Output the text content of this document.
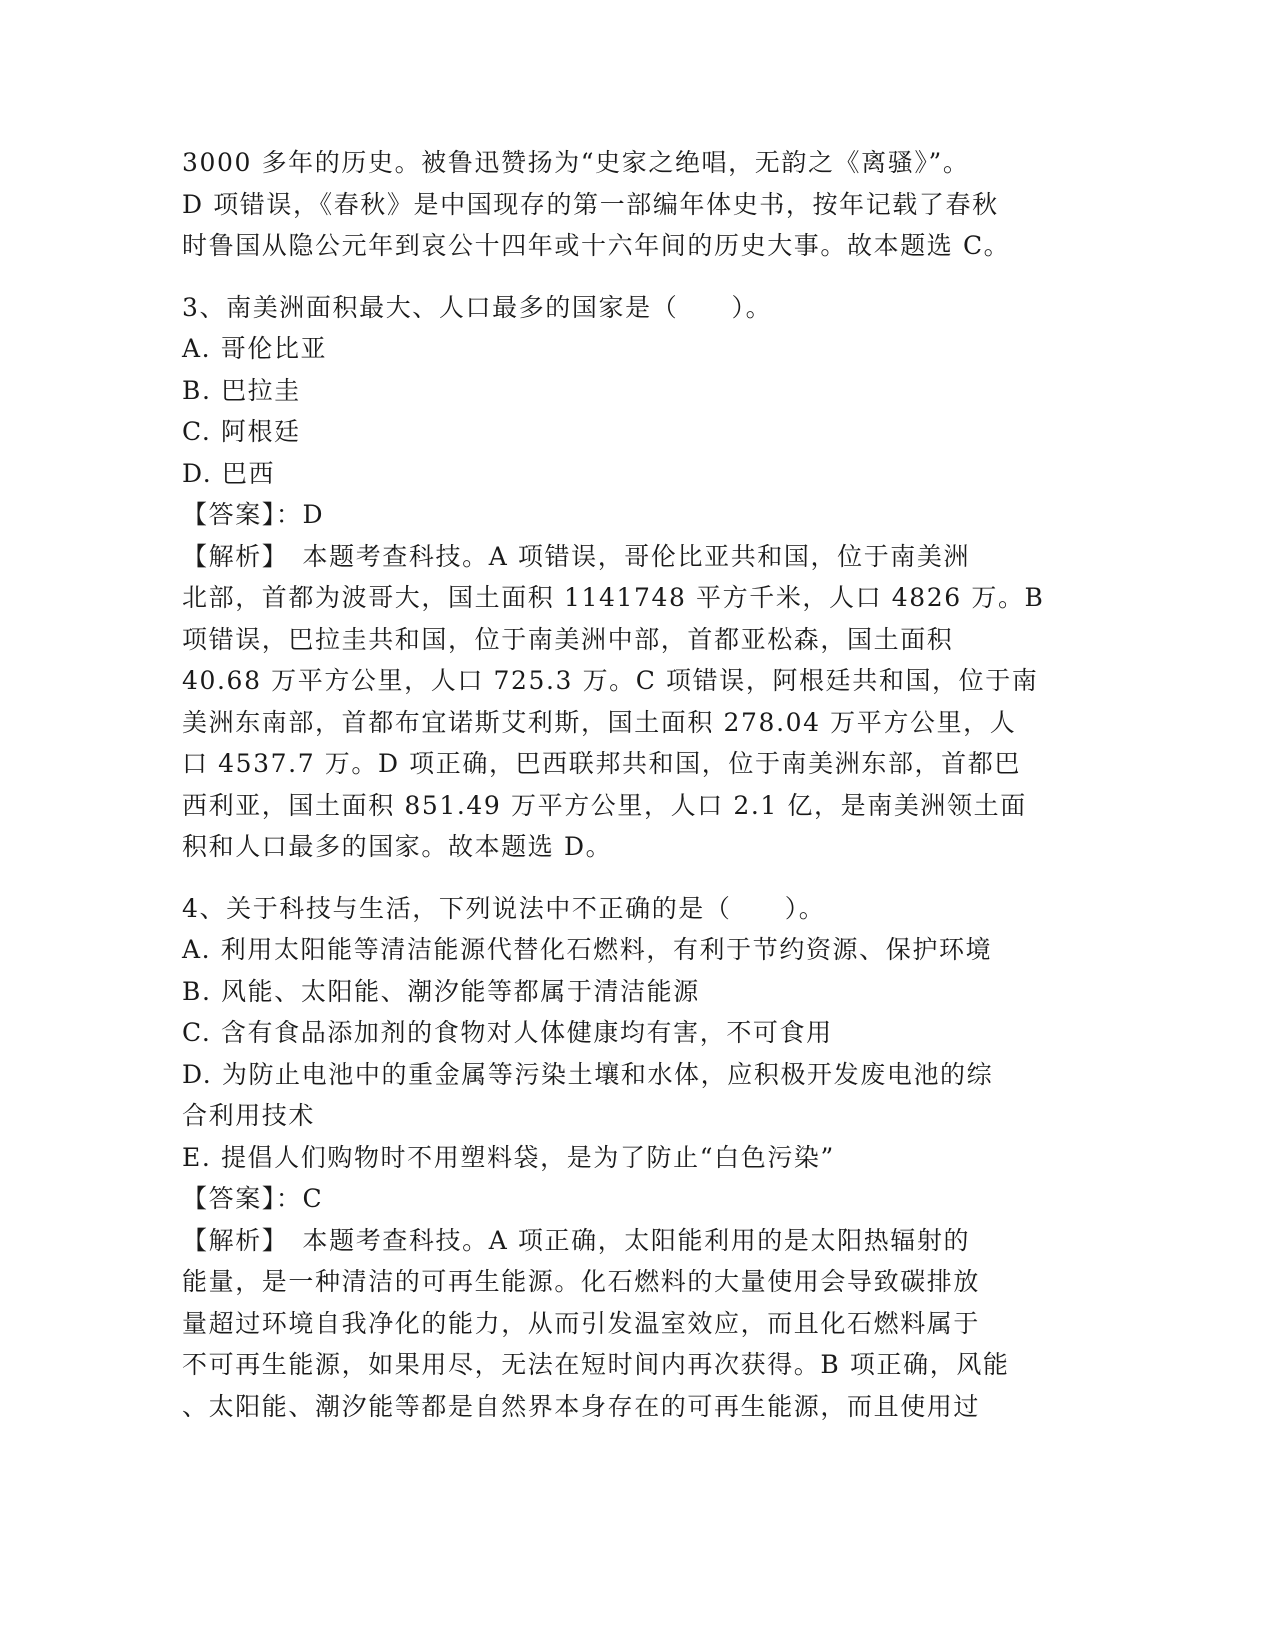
3000 多年的历史。被鲁迅赞扬为“史家之绝唱，无韵之《离骚》”。
D 项错误，《春秋》是中国现存的第一部编年体史书，按年记载了春秋
时鲁国从隐公元年到哀公十四年或十六年间的历史大事。故本题选 C。
3、南美洲面积最大、人口最多的国家是（　　）。
A. 哥伦比亚
B. 巴拉圭
C. 阿根廷
D. 巴西
【答案】：D
【解析】　本题考查科技。A 项错误，哥伦比亚共和国，位于南美洲
北部，首都为波哥大，国土面积 1141748 平方千米，人口 4826 万。B
项错误，巴拉圭共和国，位于南美洲中部，首都亚松森，国土面积
40.68 万平方公里，人口 725.3 万。C 项错误，阿根廷共和国，位于南
美洲东南部，首都布宜诺斯艾利斯，国土面积 278.04 万平方公里，人
口 4537.7 万。D 项正确，巴西联邦共和国，位于南美洲东部，首都巴
西利亚，国土面积 851.49 万平方公里，人口 2.1 亿，是南美洲领土面
积和人口最多的国家。故本题选 D。
4、关于科技与生活，下列说法中不正确的是（　　）。
A. 利用太阳能等清洁能源代替化石燃料，有利于节约资源、保护环境
B. 风能、太阳能、潮汐能等都属于清洁能源
C. 含有食品添加剂的食物对人体健康均有害，不可食用
D. 为防止电池中的重金属等污染土壤和水体，应积极开发废电池的综
合利用技术
E. 提倡人们购物时不用塑料袋，是为了防止“白色污染”
【答案】：C
【解析】　本题考查科技。A 项正确，太阳能利用的是太阳热辐射的
能量，是一种清洁的可再生能源。化石燃料的大量使用会导致碳排放
量超过环境自我净化的能力，从而引发温室效应，而且化石燃料属于
不可再生能源，如果用尽，无法在短时间内再次获得。B 项正确，风能
、太阳能、潮汐能等都是自然界本身存在的可再生能源，而且使用过
